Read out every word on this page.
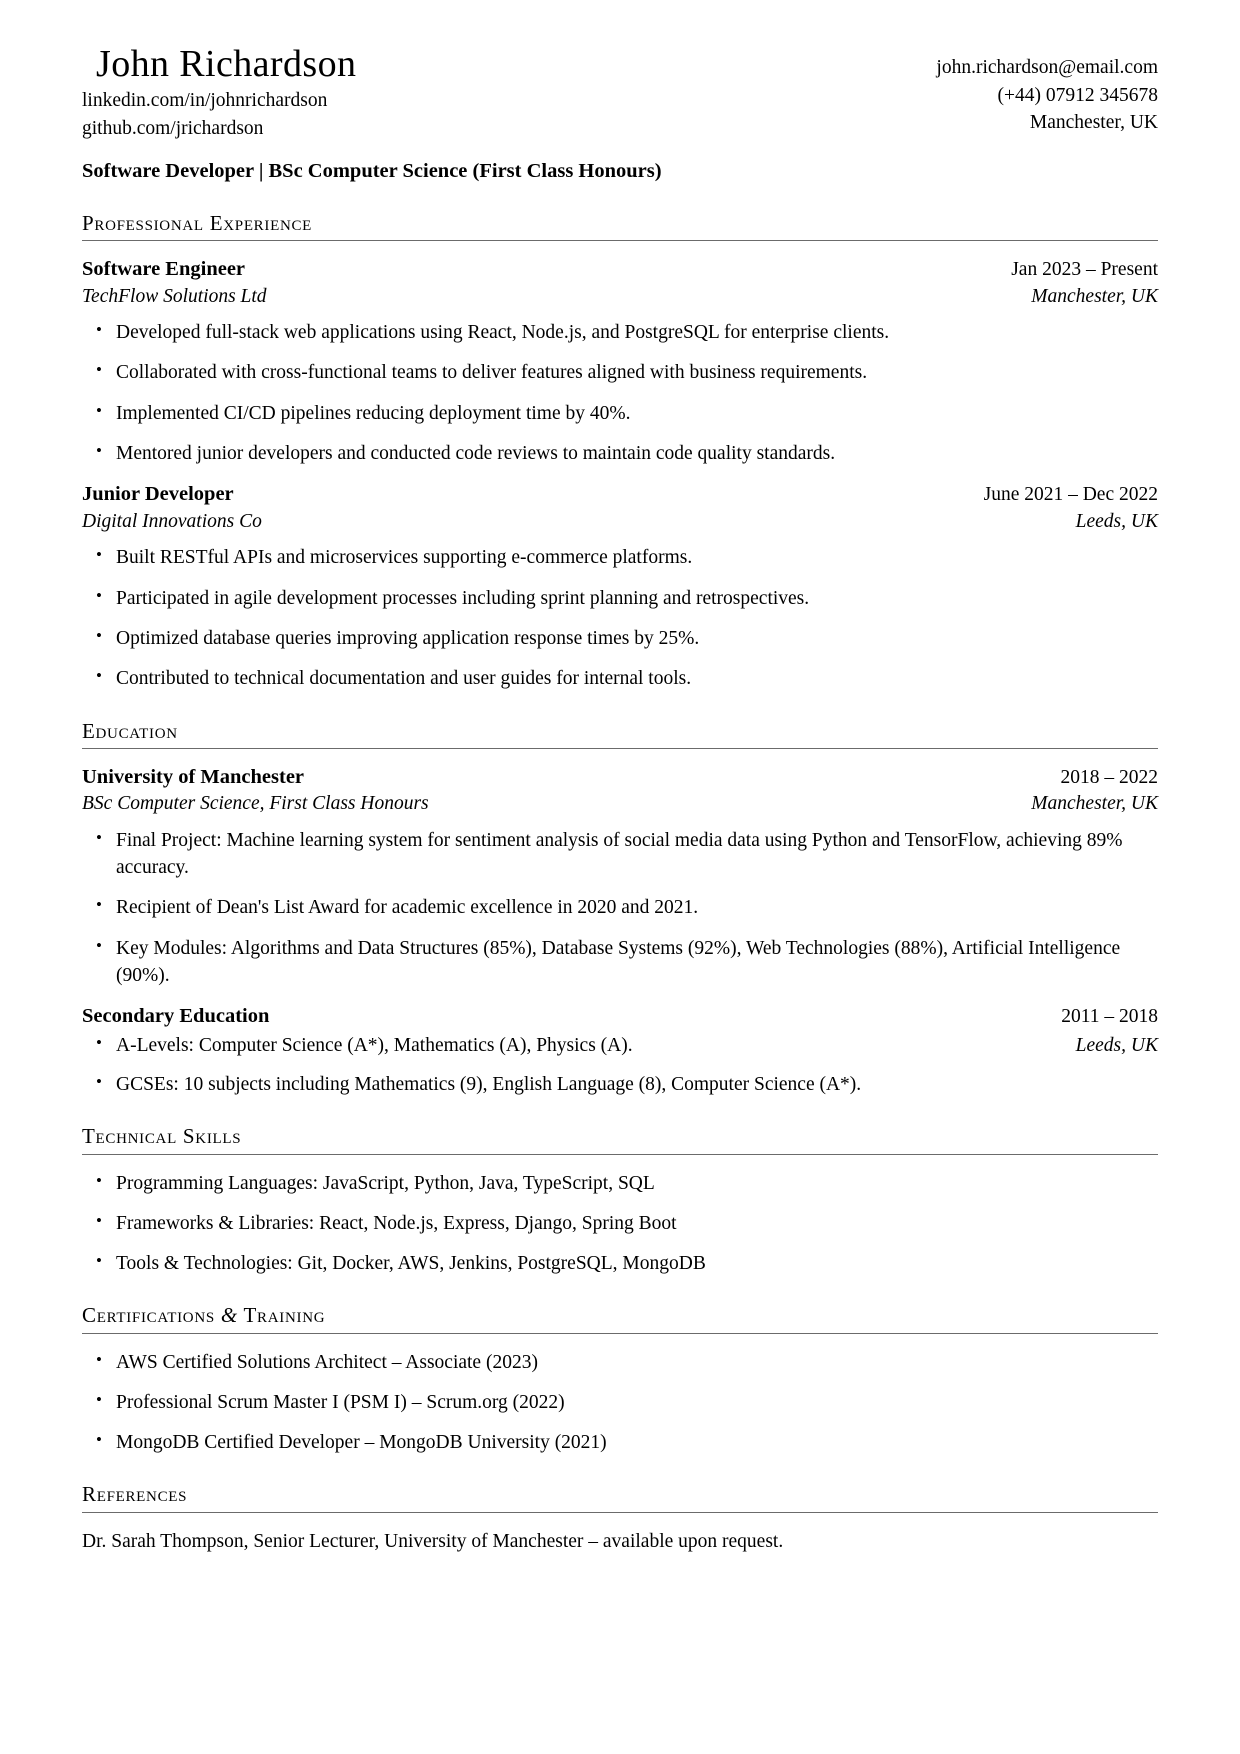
John Richardson
linkedin.com/in/johnrichardson
github.com/jrichardson
john.richardson@email.com
(+44) 07912 345678
Manchester, UK
Software Developer | BSc Computer Science (First Class Honours)
Professional Experience
Software Engineer	Jan 2023 – Present
TechFlow Solutions Ltd	Manchester, UK
• Developed full-stack web applications using React, Node.js, and PostgreSQL for enterprise clients.
• Collaborated with cross-functional teams to deliver features aligned with business requirements.
• Implemented CI/CD pipelines reducing deployment time by 40%.
• Mentored junior developers and conducted code reviews to maintain code quality standards.
Junior Developer	June 2021 – Dec 2022
Digital Innovations Co	Leeds, UK
• Built RESTful APIs and microservices supporting e-commerce platforms.
• Participated in agile development processes including sprint planning and retrospectives.
• Optimized database queries improving application response times by 25%.
• Contributed to technical documentation and user guides for internal tools.
Education
University of Manchester	2018 – 2022
BSc Computer Science, First Class Honours	Manchester, UK
• Final Project: Machine learning system for sentiment analysis of social media data using Python and TensorFlow, achieving 89% accuracy.
• Recipient of Dean's List Award for academic excellence in 2020 and 2021.
• Key Modules: Algorithms and Data Structures (85%), Database Systems (92%), Web Technologies (88%), Artificial Intelligence (90%).
Secondary Education	2011 – 2018
• A-Levels: Computer Science (A*), Mathematics (A), Physics (A).	Leeds, UK
• GCSEs: 10 subjects including Mathematics (9), English Language (8), Computer Science (A*).
Technical Skills
• Programming Languages: JavaScript, Python, Java, TypeScript, SQL
• Frameworks & Libraries: React, Node.js, Express, Django, Spring Boot
• Tools & Technologies: Git, Docker, AWS, Jenkins, PostgreSQL, MongoDB
Certifications & Training
• AWS Certified Solutions Architect – Associate (2023)
• Professional Scrum Master I (PSM I) – Scrum.org (2022)
• MongoDB Certified Developer – MongoDB University (2021)
References
Dr. Sarah Thompson, Senior Lecturer, University of Manchester – available upon request.
